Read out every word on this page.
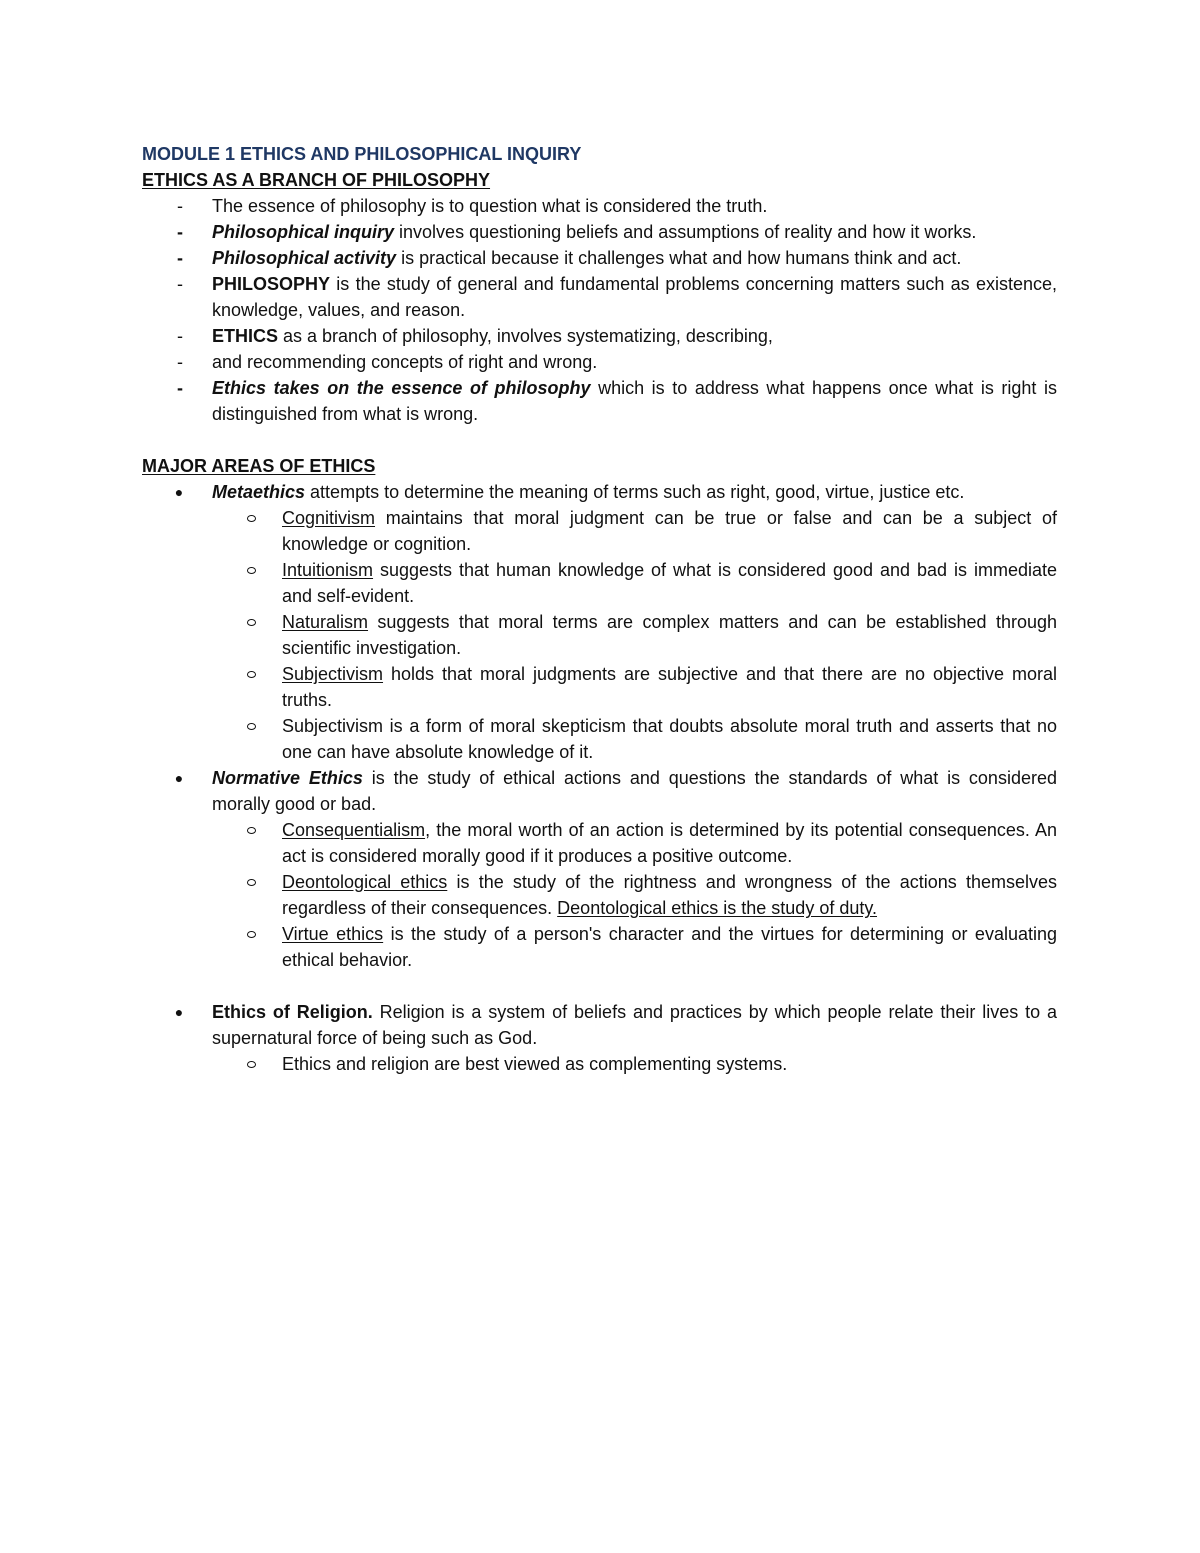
MODULE 1 ETHICS AND PHILOSOPHICAL INQUIRY
ETHICS AS A BRANCH OF PHILOSOPHY
- The essence of philosophy is to question what is considered the truth.
- Philosophical inquiry involves questioning beliefs and assumptions of reality and how it works.
- Philosophical activity is practical because it challenges what and how humans think and act.
- PHILOSOPHY is the study of general and fundamental problems concerning matters such as existence, knowledge, values, and reason.
- ETHICS as a branch of philosophy, involves systematizing, describing,
- and recommending concepts of right and wrong.
- Ethics takes on the essence of philosophy which is to address what happens once what is right is distinguished from what is wrong.
MAJOR AREAS OF ETHICS
● Metaethics attempts to determine the meaning of terms such as right, good, virtue, justice etc.
Cognitivism maintains that moral judgment can be true or false and can be a subject of knowledge or cognition.
Intuitionism suggests that human knowledge of what is considered good and bad is immediate and self-evident.
Naturalism suggests that moral terms are complex matters and can be established through scientific investigation.
Subjectivism holds that moral judgments are subjective and that there are no objective moral truths.
Subjectivism is a form of moral skepticism that doubts absolute moral truth and asserts that no one can have absolute knowledge of it.
● Normative Ethics is the study of ethical actions and questions the standards of what is considered morally good or bad.
Consequentialism, the moral worth of an action is determined by its potential consequences. An act is considered morally good if it produces a positive outcome.
Deontological ethics is the study of the rightness and wrongness of the actions themselves regardless of their consequences. Deontological ethics is the study of duty.
Virtue ethics is the study of a person's character and the virtues for determining or evaluating ethical behavior.
● Ethics of Religion. Religion is a system of beliefs and practices by which people relate their lives to a supernatural force of being such as God.
Ethics and religion are best viewed as complementing systems.
